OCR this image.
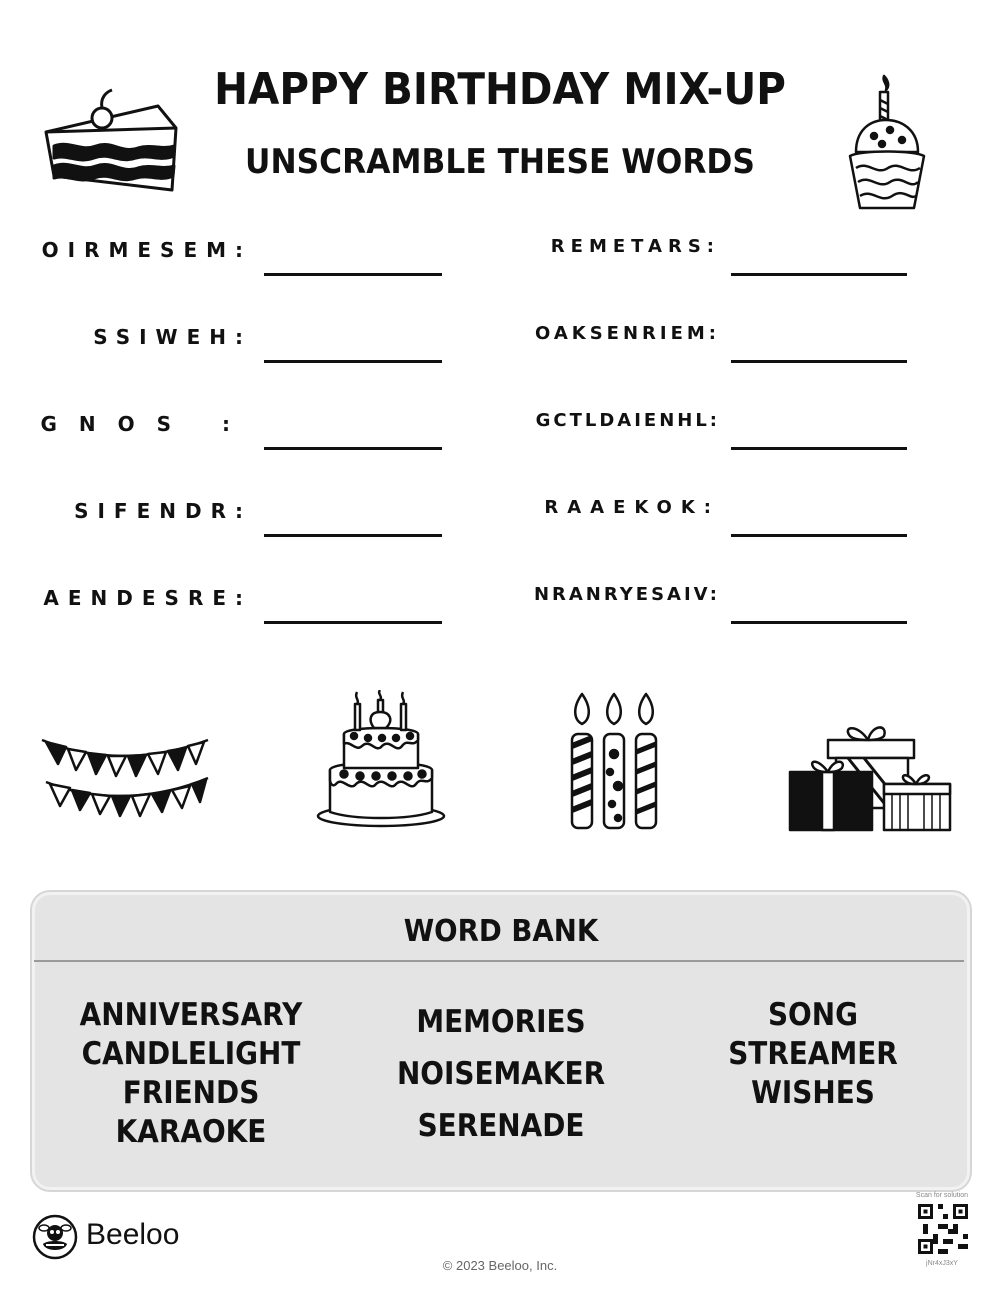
HAPPY BIRTHDAY MIX-UP
UNSCRAMBLE THESE WORDS
OIRMESEM:
SSIWEH:
GNOS :
SIFENDR:
AENDESRE:
REMETARS:
OAKSENRIEM:
GCTLDAIENHL:
RAAEKOK:
NRANRYESAIV:
WORD BANK
ANNIVERSARY
CANDLELIGHT
FRIENDS
KARAOKE
MEMORIES
NOISEMAKER
SERENADE
SONG
STREAMER
WISHES
Beeloo
© 2023 Beeloo, Inc.
Scan for solution
jNr4xJ3xY
